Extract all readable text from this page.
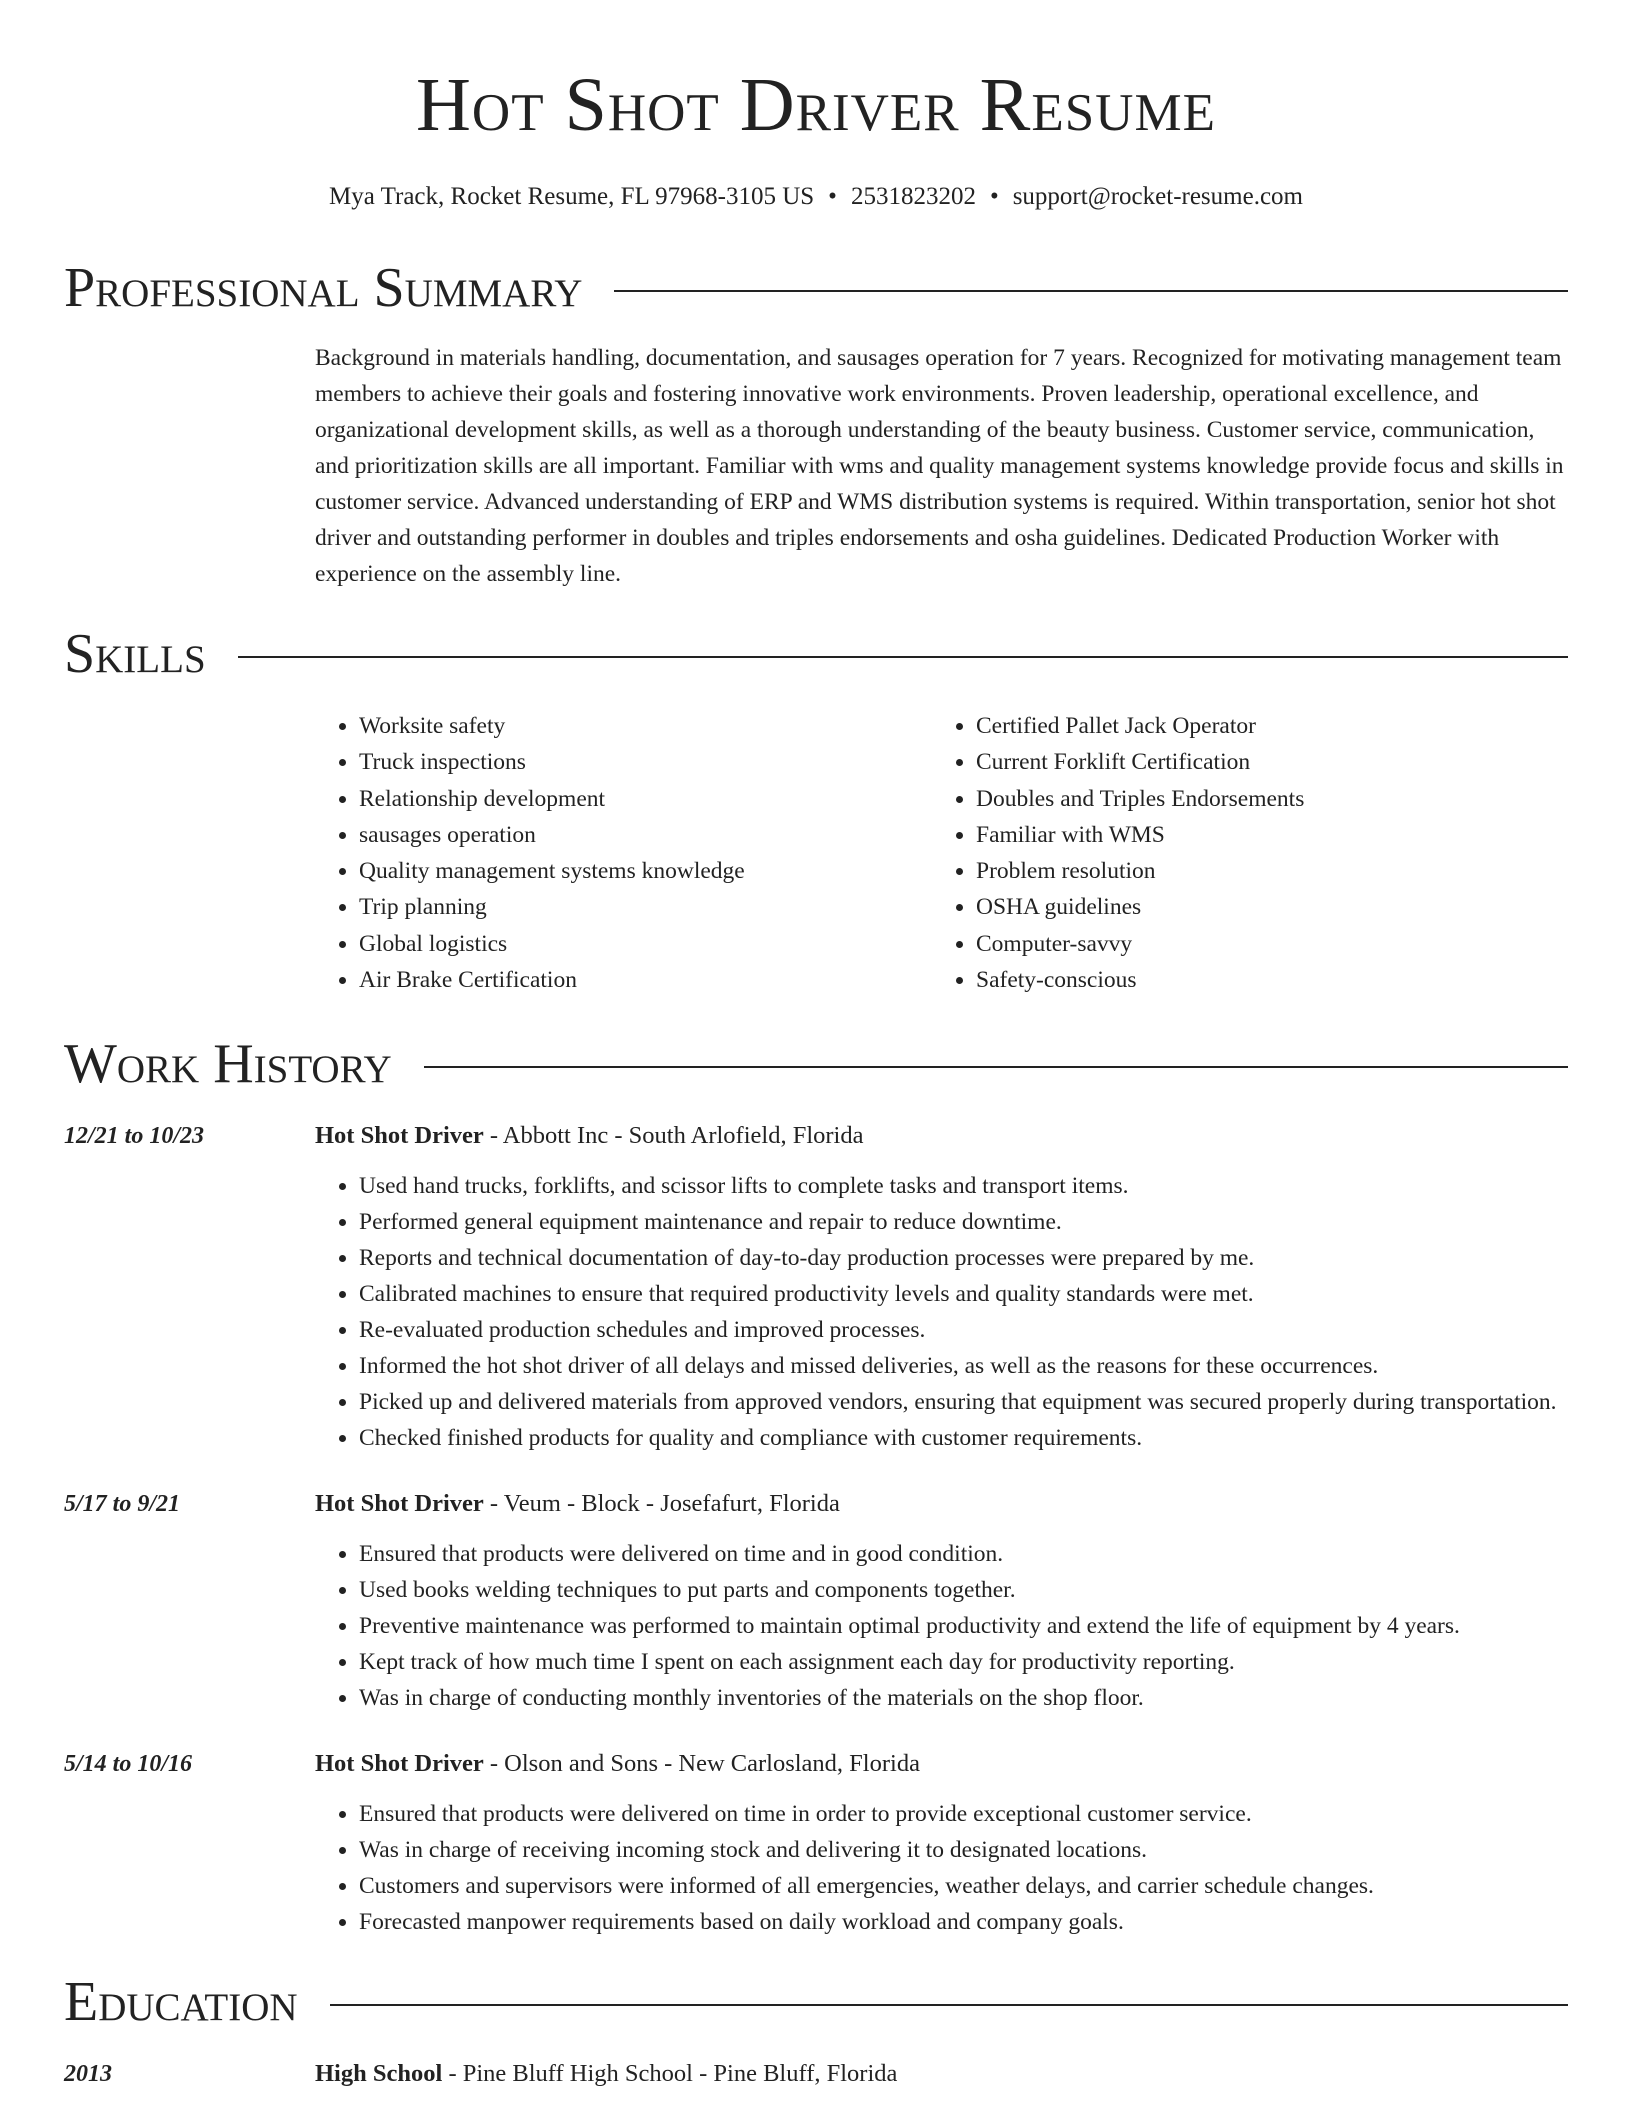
Hot Shot Driver Resume
Mya Track, Rocket Resume, FL 97968-3105 US • 2531823202 • support@rocket-resume.com
Professional Summary

Background in materials handling, documentation, and sausages operation for 7 years. Recognized for motivating management team members to achieve their goals and fostering innovative work environments. Proven leadership, operational excellence, and organizational development skills, as well as a thorough understanding of the beauty business. Customer service, communication, and prioritization skills are all important. Familiar with wms and quality management systems knowledge provide focus and skills in customer service. Advanced understanding of ERP and WMS distribution systems is required. Within transportation, senior hot shot driver and outstanding performer in doubles and triples endorsements and osha guidelines. Dedicated Production Worker with experience on the assembly line.

Skills
• Worksite safety
• Truck inspections
• Relationship development
• sausages operation
• Quality management systems knowledge
• Trip planning
• Global logistics
• Air Brake Certification
• Certified Pallet Jack Operator
• Current Forklift Certification
• Doubles and Triples Endorsements
• Familiar with WMS
• Problem resolution
• OSHA guidelines
• Computer-savvy
• Safety-conscious
Work History
12/21 to 10/23	Hot Shot Driver - Abbott Inc - South Arlofield, Florida
• Used hand trucks, forklifts, and scissor lifts to complete tasks and transport items.
• Performed general equipment maintenance and repair to reduce downtime.
• Reports and technical documentation of day-to-day production processes were prepared by me.
• Calibrated machines to ensure that required productivity levels and quality standards were met.
• Re-evaluated production schedules and improved processes.
• Informed the hot shot driver of all delays and missed deliveries, as well as the reasons for these occurrences.
• Picked up and delivered materials from approved vendors, ensuring that equipment was secured properly during transportation.
• Checked finished products for quality and compliance with customer requirements.
5/17 to 9/21	Hot Shot Driver - Veum - Block - Josefafurt, Florida
• Ensured that products were delivered on time and in good condition.
• Used books welding techniques to put parts and components together.
• Preventive maintenance was performed to maintain optimal productivity and extend the life of equipment by 4 years.
• Kept track of how much time I spent on each assignment each day for productivity reporting.
• Was in charge of conducting monthly inventories of the materials on the shop floor.
5/14 to 10/16	Hot Shot Driver - Olson and Sons - New Carlosland, Florida
• Ensured that products were delivered on time in order to provide exceptional customer service.
• Was in charge of receiving incoming stock and delivering it to designated locations.
• Customers and supervisors were informed of all emergencies, weather delays, and carrier schedule changes.
• Forecasted manpower requirements based on daily workload and company goals.
Education
2013	High School - Pine Bluff High School - Pine Bluff, Florida
